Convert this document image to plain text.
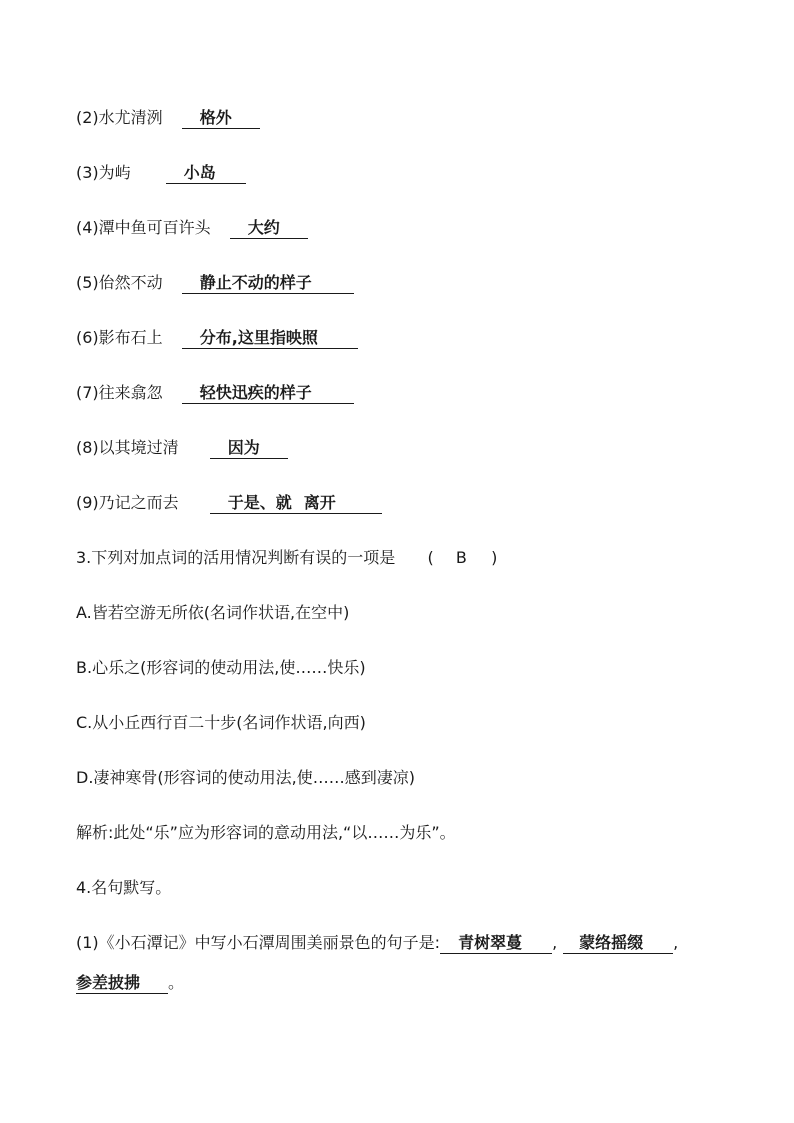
(2)水尤清洌 格外
(3)为屿	小岛
(4)潭中鱼可百许头 大约
(5)佁然不动 静止不动的样子
(6)影布石上 分布,这里指映照
(7)往来翕忽 轻快迅疾的样子
(8)以其境过清	因为
(9)乃记之而去	于是、就 离开
3.下列对加点词的活用情况判断有误的一项是 ( B )
A.皆若空游无所依(名词作状语,在空中)
B.心乐之(形容词的使动用法,使……快乐)
C.从小丘西行百二十步(名词作状语,向西)
D.凄神寒骨(形容词的使动用法,使……感到凄凉)
解析:此处“乐”应为形容词的意动用法,“以……为乐”。
4.名句默写。
(1)《小石潭记》中写小石潭周围美丽景色的句子是: 青树翠蔓 , 蒙络摇缀 ,
参差披拂 。
